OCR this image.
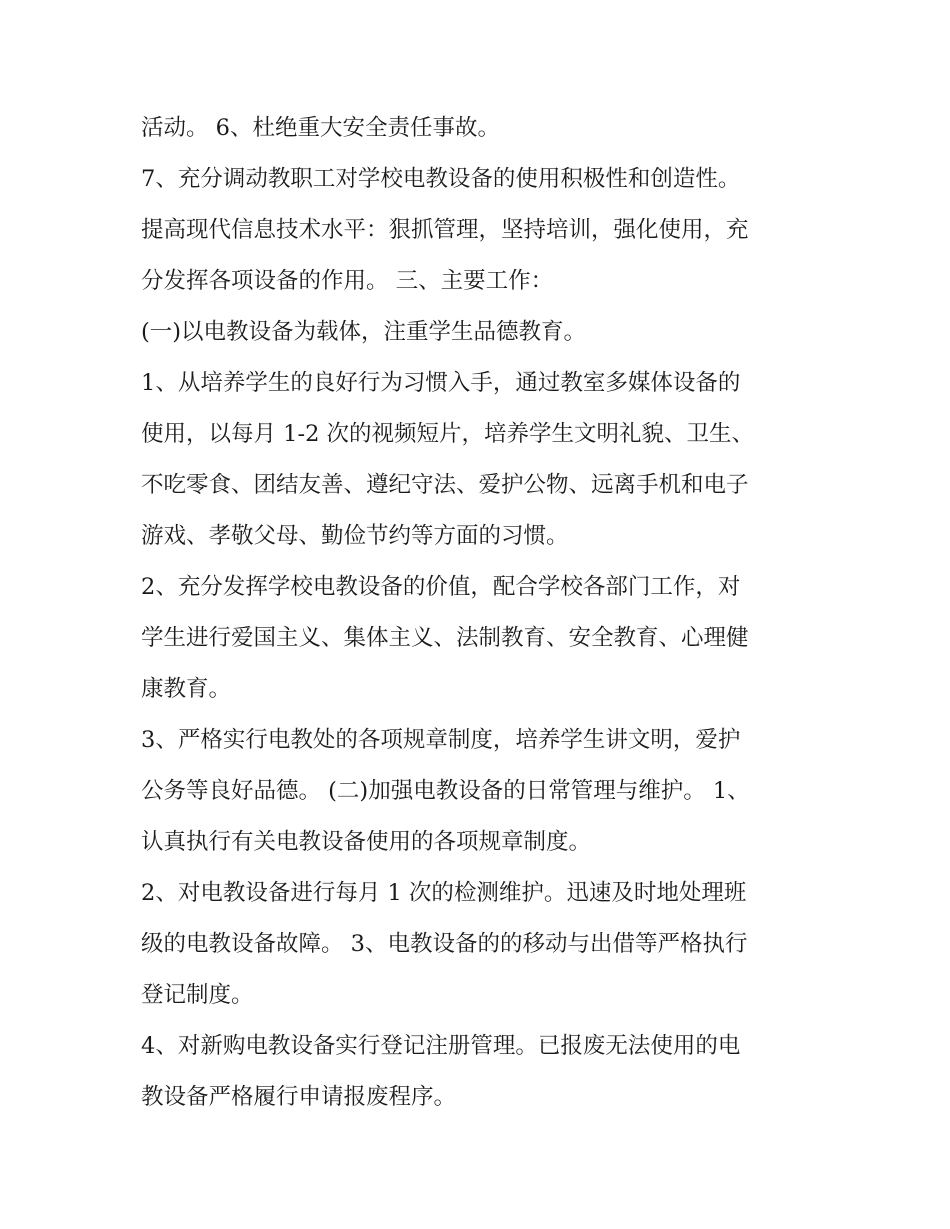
活动。 6、杜绝重大安全责任事故。
7、充分调动教职工对学校电教设备的使用积极性和创造性。
提高现代信息技术水平：狠抓管理，坚持培训，强化使用，充
分发挥各项设备的作用。 三、主要工作：
(一)以电教设备为载体，注重学生品德教育。
1、从培养学生的良好行为习惯入手，通过教室多媒体设备的
使用，以每月 1-2 次的视频短片，培养学生文明礼貌、卫生、
不吃零食、团结友善、遵纪守法、爱护公物、远离手机和电子
游戏、孝敬父母、勤俭节约等方面的习惯。
2、充分发挥学校电教设备的价值，配合学校各部门工作，对
学生进行爱国主义、集体主义、法制教育、安全教育、心理健
康教育。
3、严格实行电教处的各项规章制度，培养学生讲文明，爱护
公务等良好品德。 (二)加强电教设备的日常管理与维护。 1、
认真执行有关电教设备使用的各项规章制度。
2、对电教设备进行每月 1 次的检测维护。迅速及时地处理班
级的电教设备故障。 3、电教设备的的移动与出借等严格执行
登记制度。
4、对新购电教设备实行登记注册管理。已报废无法使用的电
教设备严格履行申请报废程序。
